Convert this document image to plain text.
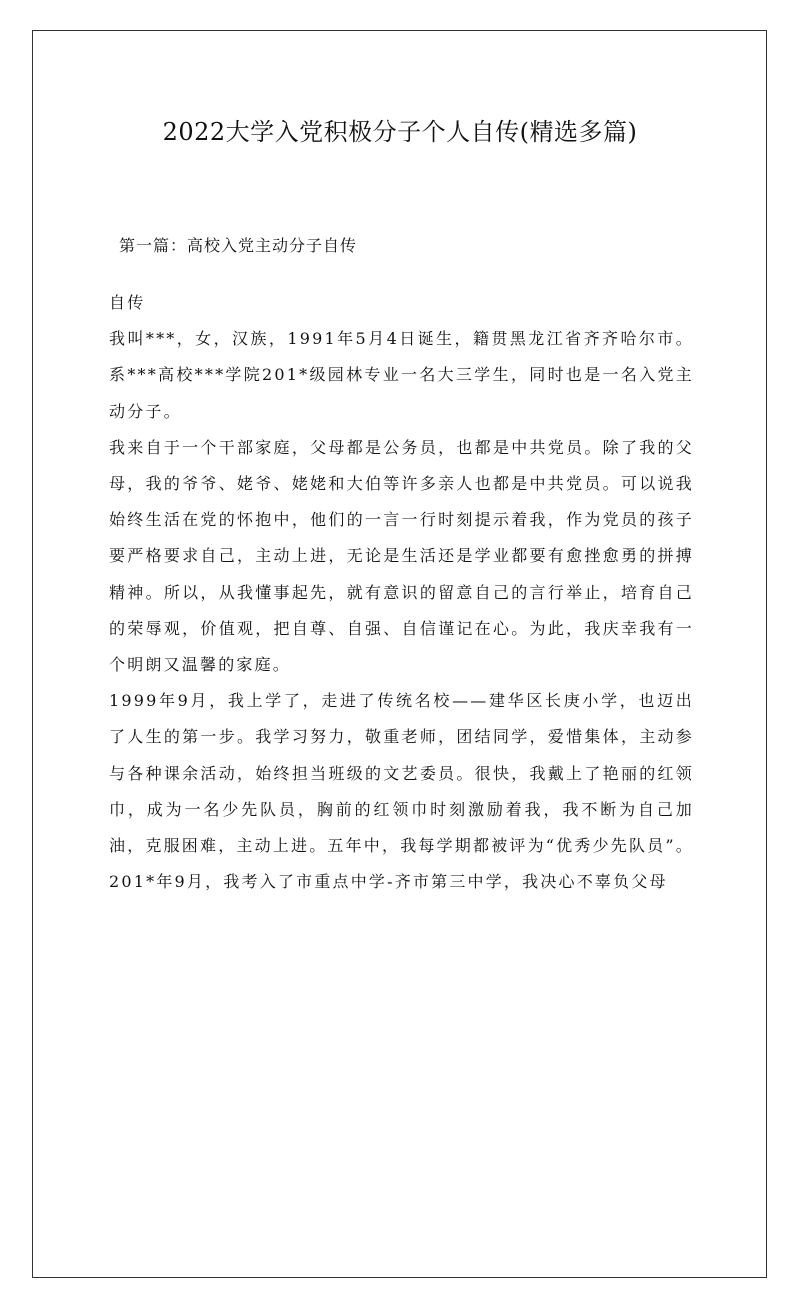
2022大学入党积极分子个人自传(精选多篇)
第一篇：高校入党主动分子自传

自传

我叫***，女，汉族，1991年5月4日诞生，籍贯黑龙江省齐齐哈尔市。系***高校***学院201*级园林专业一名大三学生，同时也是一名入党主动分子。

我来自于一个干部家庭，父母都是公务员，也都是中共党员。除了我的父母，我的爷爷、姥爷、姥姥和大伯等许多亲人也都是中共党员。可以说我始终生活在党的怀抱中，他们的一言一行时刻提示着我，作为党员的孩子要严格要求自己，主动上进，无论是生活还是学业都要有愈挫愈勇的拼搏精神。所以，从我懂事起先，就有意识的留意自己的言行举止，培育自己的荣辱观，价值观，把自尊、自强、自信谨记在心。为此，我庆幸我有一个明朗又温馨的家庭。

1999年9月，我上学了，走进了传统名校——建华区长庚小学，也迈出了人生的第一步。我学习努力，敬重老师，团结同学，爱惜集体，主动参与各种课余活动，始终担当班级的文艺委员。很快，我戴上了艳丽的红领巾，成为一名少先队员，胸前的红领巾时刻激励着我，我不断为自己加油，克服困难，主动上进。五年中，我每学期都被评为“优秀少先队员”。

201*年9月，我考入了市重点中学-齐市第三中学，我决心不辜负父母
